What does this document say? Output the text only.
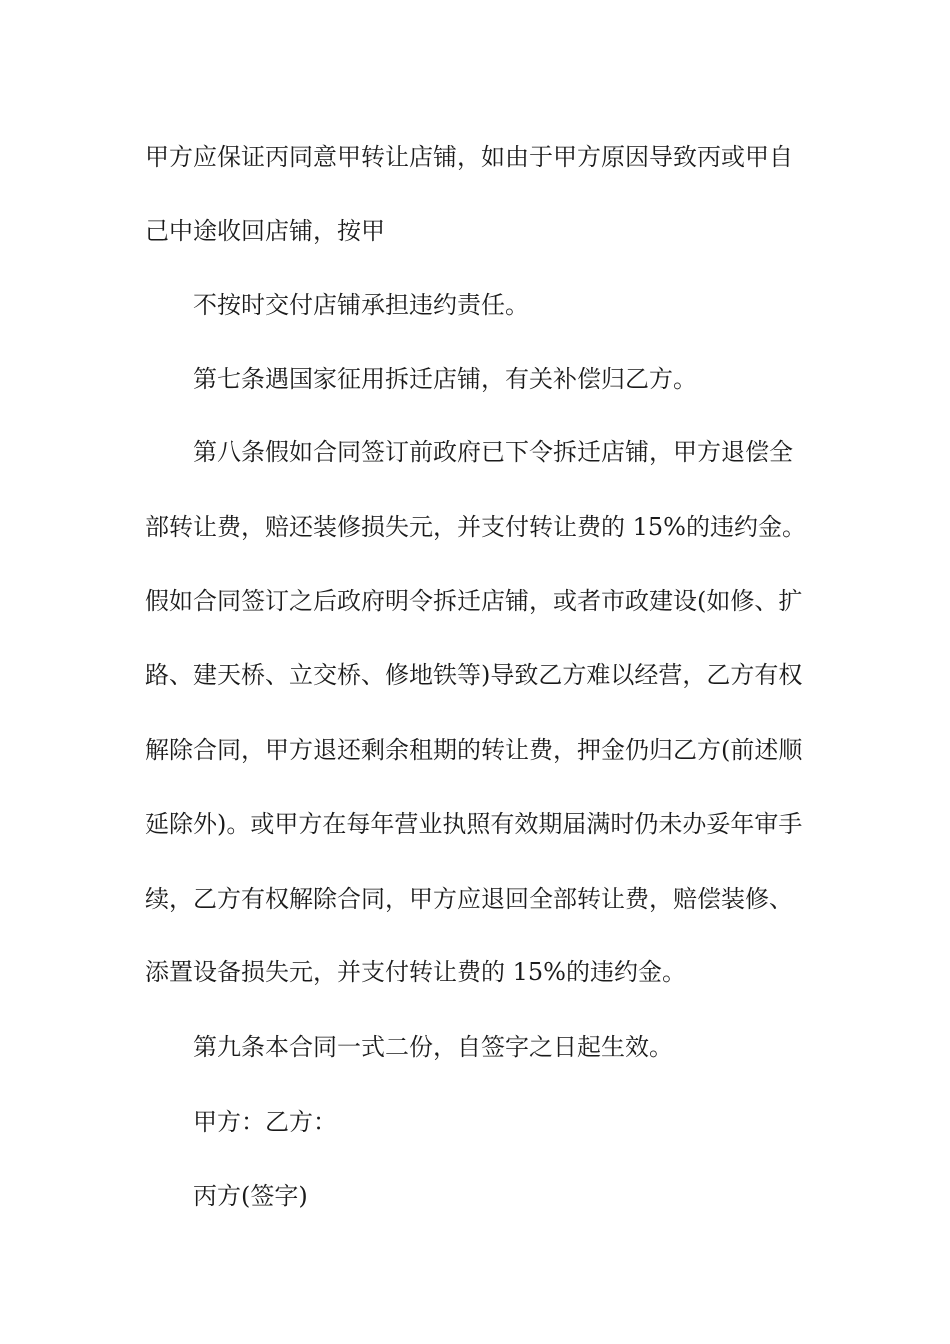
甲方应保证丙同意甲转让店铺，如由于甲方原因导致丙或甲自
己中途收回店铺，按甲
不按时交付店铺承担违约责任。
第七条遇国家征用拆迁店铺，有关补偿归乙方。
第八条假如合同签订前政府已下令拆迁店铺，甲方退偿全
部转让费，赔还装修损失元，并支付转让费的 15%的违约金。
假如合同签订之后政府明令拆迁店铺，或者市政建设(如修、扩
路、建天桥、立交桥、修地铁等)导致乙方难以经营，乙方有权
解除合同，甲方退还剩余租期的转让费，押金仍归乙方(前述顺
延除外)。或甲方在每年营业执照有效期届满时仍未办妥年审手
续，乙方有权解除合同，甲方应退回全部转让费，赔偿装修、
添置设备损失元，并支付转让费的 15%的违约金。
第九条本合同一式二份，自签字之日起生效。
甲方：乙方：
丙方(签字)
